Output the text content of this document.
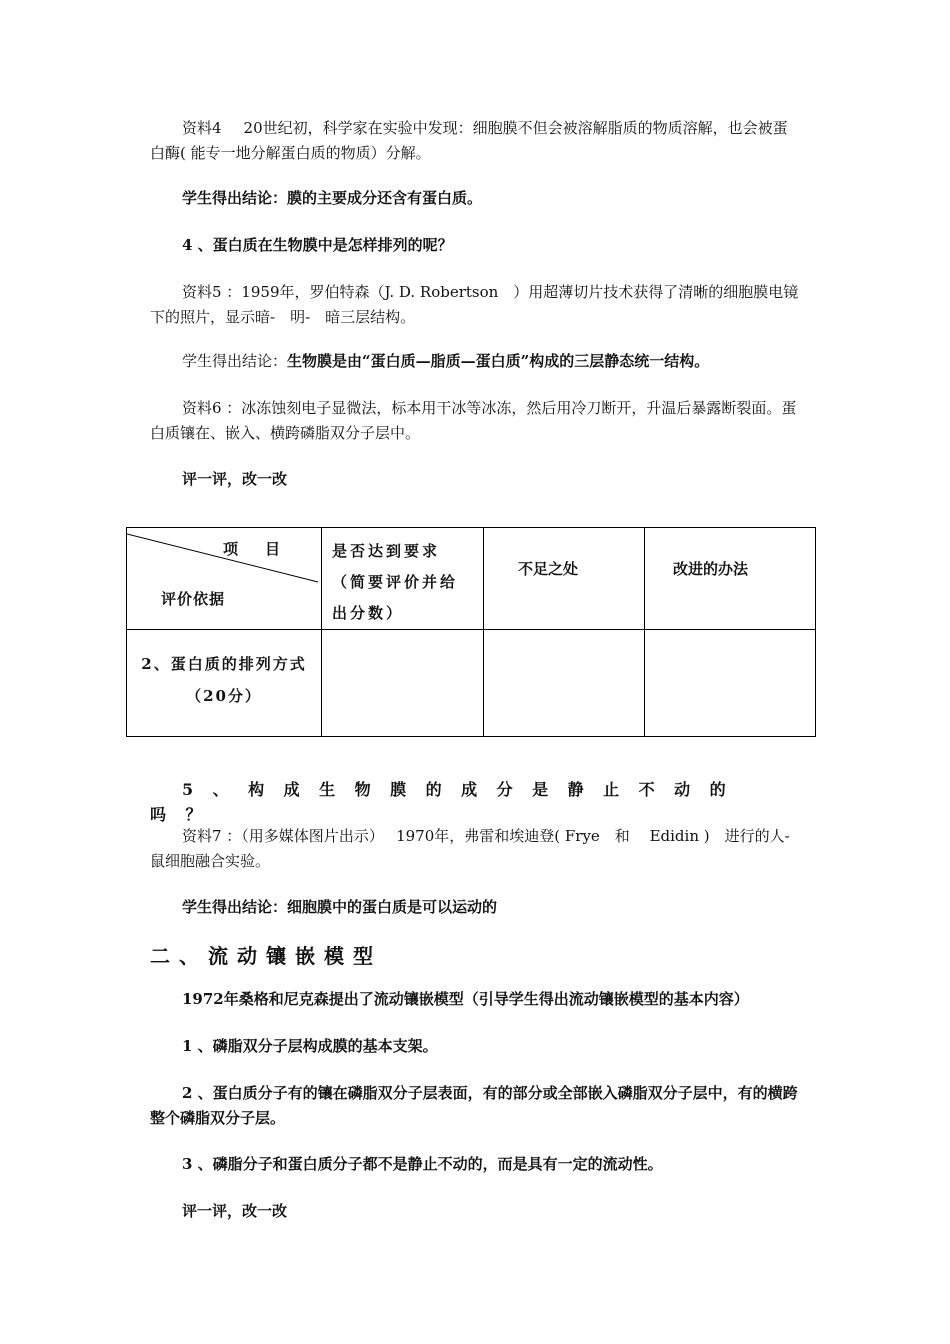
资料4 20世纪初，科学家在实验中发现：细胞膜不但会被溶解脂质的物质溶解，也会被蛋白酶( 能专一地分解蛋白质的物质）分解。

学生得出结论：膜的主要成分还含有蛋白质。

4 、蛋白质在生物膜中是怎样排列的呢？

资料5 ：1959年，罗伯特森（J. D. Robertson　）用超薄切片技术获得了清晰的细胞膜电镜下的照片，显示暗-　明-　暗三层结构。

学生得出结论：生物膜是由“蛋白质—脂质—蛋白质”构成的三层静态统一结构。

资料6 ：冰冻蚀刻电子显微法，标本用干冰等冰冻，然后用冷刀断开，升温后暴露断裂面。蛋白质镶在、嵌入、横跨磷脂双分子层中。

评一评，改一改

项　目
评价依据	是否达到要求（简要评价并给出分数）	不足之处	改进的办法

2、蛋白质的排列方式
（20分）			

5、构成生物膜的成分是静止不动的吗？

资料7 ：（用多媒体图片出示）　 1970年，弗雷和埃迪登( Frye　和　 Edidin )　进行的人-　鼠细胞融合实验。

学生得出结论：细胞膜中的蛋白质是可以运动的

二、流动镶嵌模型

1972年桑格和尼克森提出了流动镶嵌模型（引导学生得出流动镶嵌模型的基本内容）

1 、磷脂双分子层构成膜的基本支架。

2 、蛋白质分子有的镶在磷脂双分子层表面，有的部分或全部嵌入磷脂双分子层中，有的横跨整个磷脂双分子层。

3 、磷脂分子和蛋白质分子都不是静止不动的，而是具有一定的流动性。

评一评，改一改
